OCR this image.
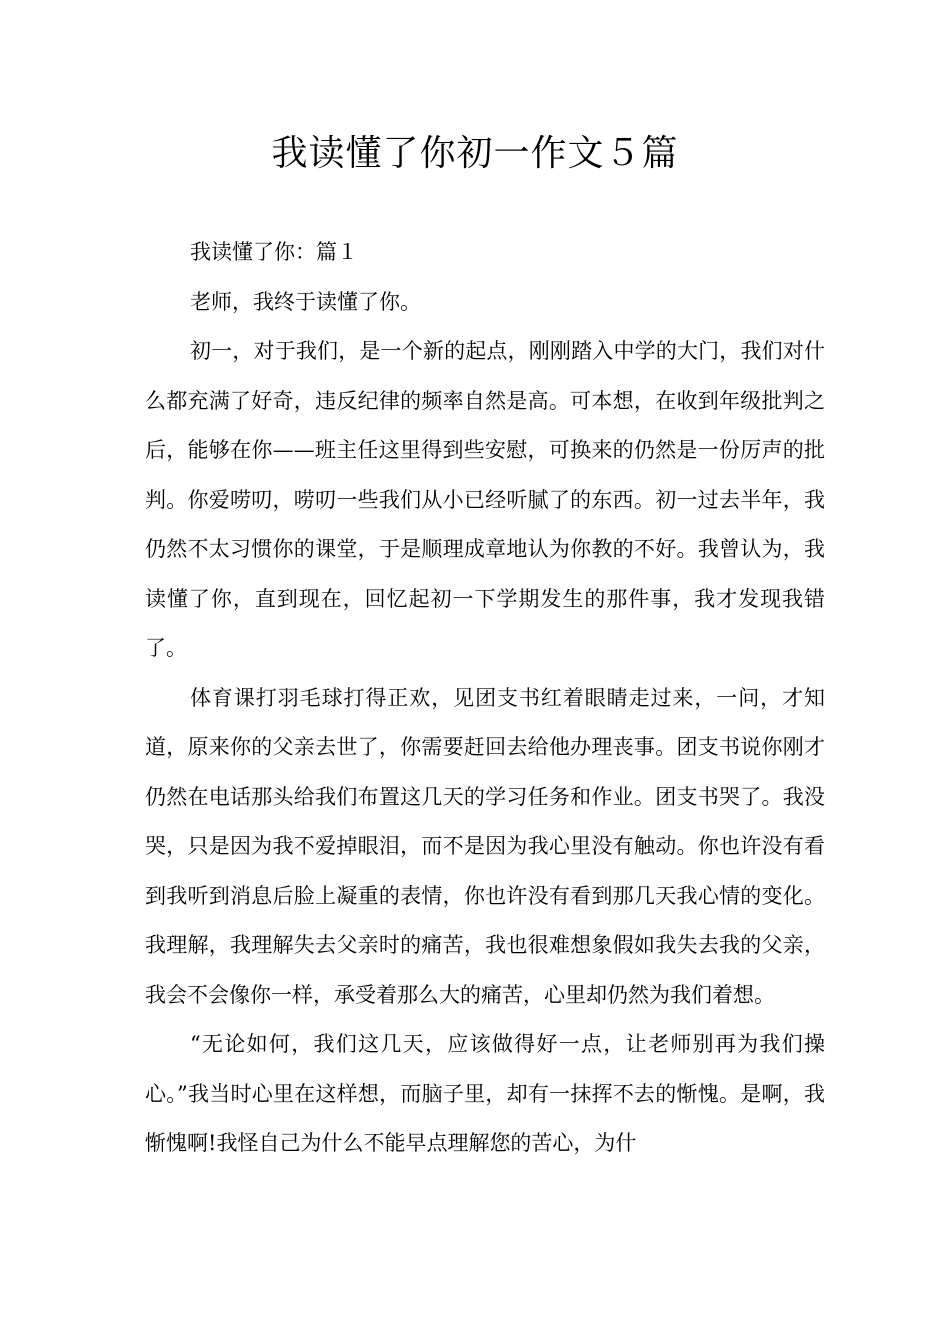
我读懂了你初一作文５篇

我读懂了你：篇１

老师，我终于读懂了你。

初一，对于我们，是一个新的起点，刚刚踏入中学的大门，我们对什么都充满了好奇，违反纪律的频率自然是高。可本想，在收到年级批判之后，能够在你——班主任这里得到些安慰，可换来的仍然是一份厉声的批判。你爱唠叨，唠叨一些我们从小已经听腻了的东西。初一过去半年，我仍然不太习惯你的课堂，于是顺理成章地认为你教的不好。我曾认为，我读懂了你，直到现在，回忆起初一下学期发生的那件事，我才发现我错了。

体育课打羽毛球打得正欢，见团支书红着眼睛走过来，一问，才知道，原来你的父亲去世了，你需要赶回去给他办理丧事。团支书说你刚才仍然在电话那头给我们布置这几天的学习任务和作业。团支书哭了。我没哭，只是因为我不爱掉眼泪，而不是因为我心里没有触动。你也许没有看到我听到消息后脸上凝重的表情，你也许没有看到那几天我心情的变化。我理解，我理解失去父亲时的痛苦，我也很难想象假如我失去我的父亲，我会不会像你一样，承受着那么大的痛苦，心里却仍然为我们着想。

“无论如何，我们这几天，应该做得好一点，让老师别再为我们操心。”我当时心里在这样想，而脑子里，却有一抹挥不去的惭愧。是啊，我惭愧啊!我怪自己为什么不能早点理解您的苦心，为什
